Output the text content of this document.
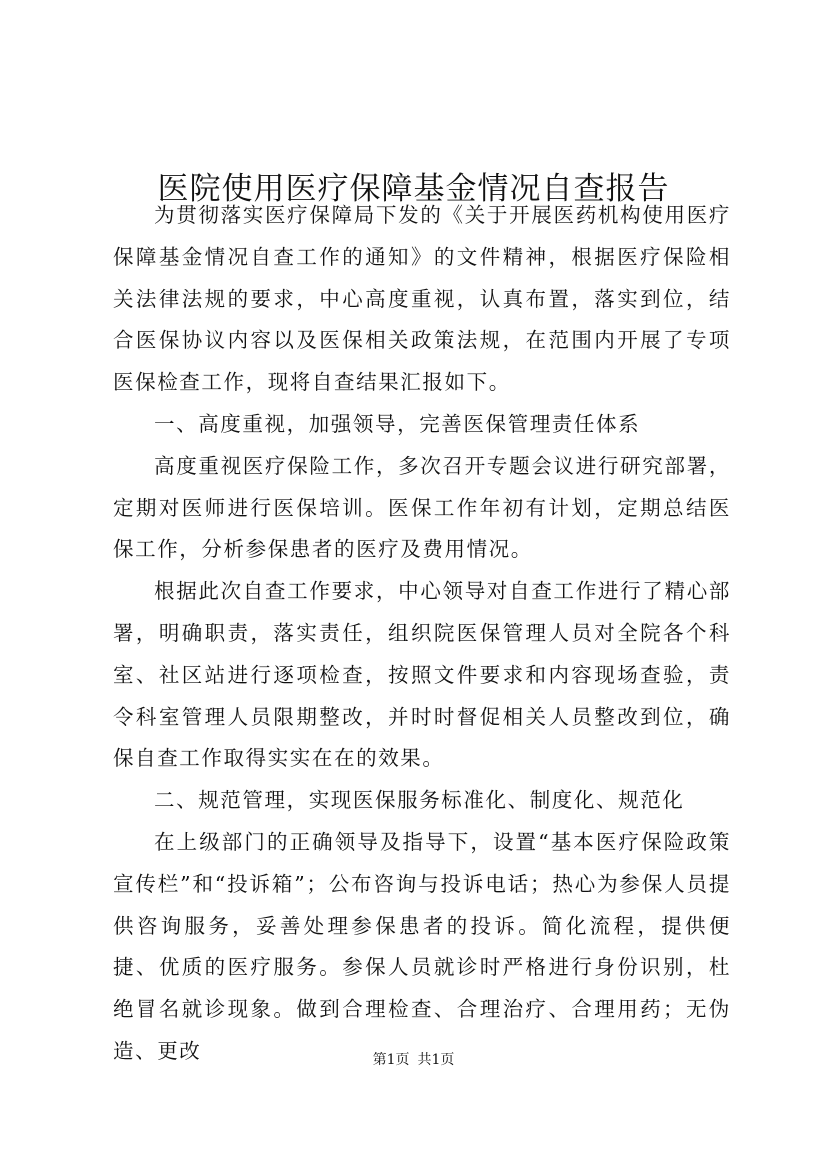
医院使用医疗保障基金情况自查报告

为贯彻落实医疗保障局下发的《关于开展医药机构使用医疗保障基金情况自查工作的通知》的文件精神，根据医疗保险相关法律法规的要求，中心高度重视，认真布置，落实到位，结合医保协议内容以及医保相关政策法规，在范围内开展了专项医保检查工作，现将自查结果汇报如下。

一、高度重视，加强领导，完善医保管理责任体系

高度重视医疗保险工作，多次召开专题会议进行研究部署，定期对医师进行医保培训。医保工作年初有计划，定期总结医保工作，分析参保患者的医疗及费用情况。

根据此次自查工作要求，中心领导对自查工作进行了精心部署，明确职责，落实责任，组织院医保管理人员对全院各个科室、社区站进行逐项检查，按照文件要求和内容现场查验，责令科室管理人员限期整改，并时时督促相关人员整改到位，确保自查工作取得实实在在的效果。

二、规范管理，实现医保服务标准化、制度化、规范化

在上级部门的正确领导及指导下，设置“基本医疗保险政策宣传栏”和“投诉箱”；公布咨询与投诉电话；热心为参保人员提供咨询服务，妥善处理参保患者的投诉。简化流程，提供便捷、优质的医疗服务。参保人员就诊时严格进行身份识别，杜绝冒名就诊现象。做到合理检查、合理治疗、合理用药；无伪造、更改	第1页 共1页
